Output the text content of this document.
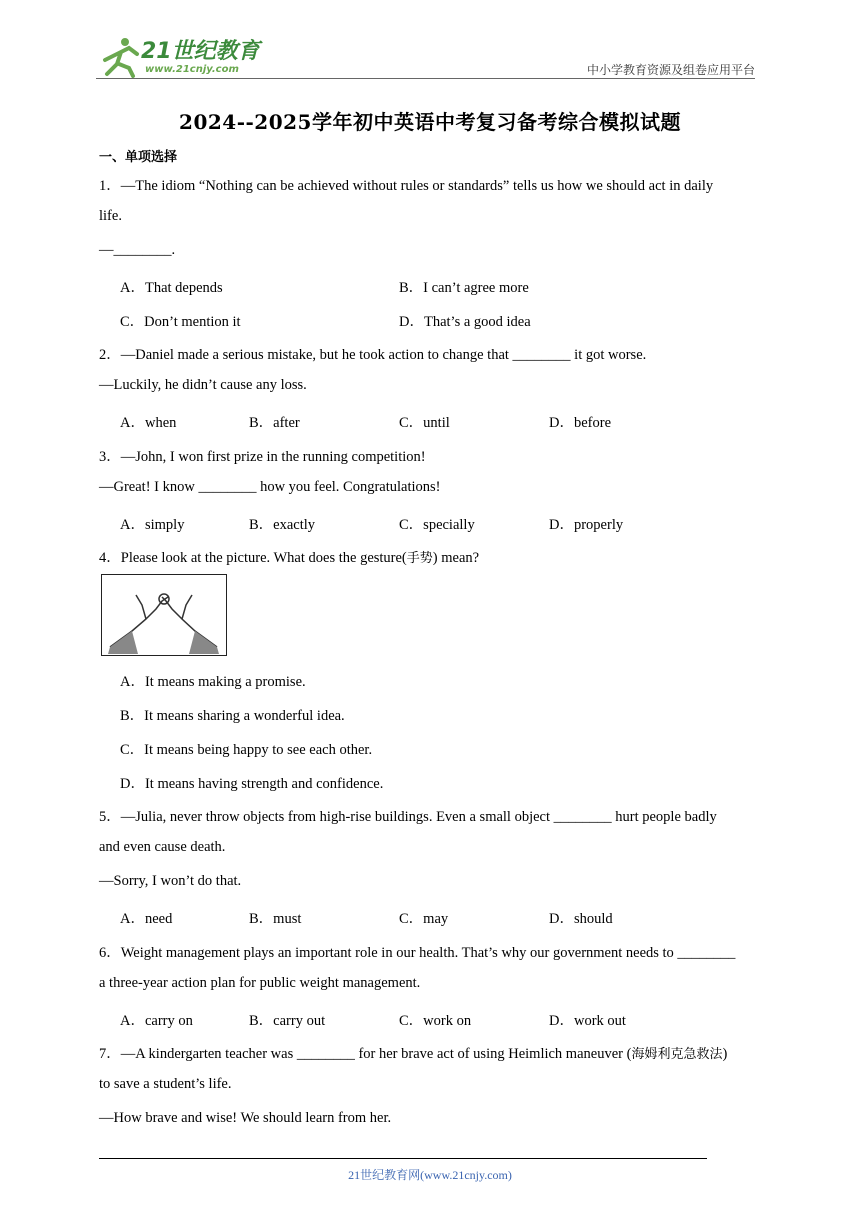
21世纪教育
www.21cnjy.com	中小学教育资源及组卷应用平台
2024--2025学年初中英语中考复习备考综合模拟试题
一、单项选择
1．—The idiom “Nothing can be achieved without rules or standards” tells us how we should act in daily
life.
—________.
A．That depends	B．I can’t agree more
C．Don’t mention it	D．That’s a good idea
2．—Daniel made a serious mistake, but he took action to change that ________ it got worse.
—Luckily, he didn’t cause any loss.
A．when	B．after	C．until	D．before
3．—John, I won first prize in the running competition!
—Great! I know ________ how you feel. Congratulations!
A．simply	B．exactly	C．specially	D．properly
4．Please look at the picture. What does the gesture(手势) mean?
A．It means making a promise.
B．It means sharing a wonderful idea.
C．It means being happy to see each other.
D．It means having strength and confidence.
5．—Julia, never throw objects from high-rise buildings. Even a small object ________ hurt people badly
and even cause death.
—Sorry, I won’t do that.
A．need	B．must	C．may	D．should
6．Weight management plays an important role in our health. That’s why our government needs to ________
a three-year action plan for public weight management.
A．carry on	B．carry out	C．work on	D．work out
7．—A kindergarten teacher was ________ for her brave act of using Heimlich maneuver (海姆利克急救法)
to save a student’s life.
—How brave and wise! We should learn from her.
21世纪教育网(www.21cnjy.com)
